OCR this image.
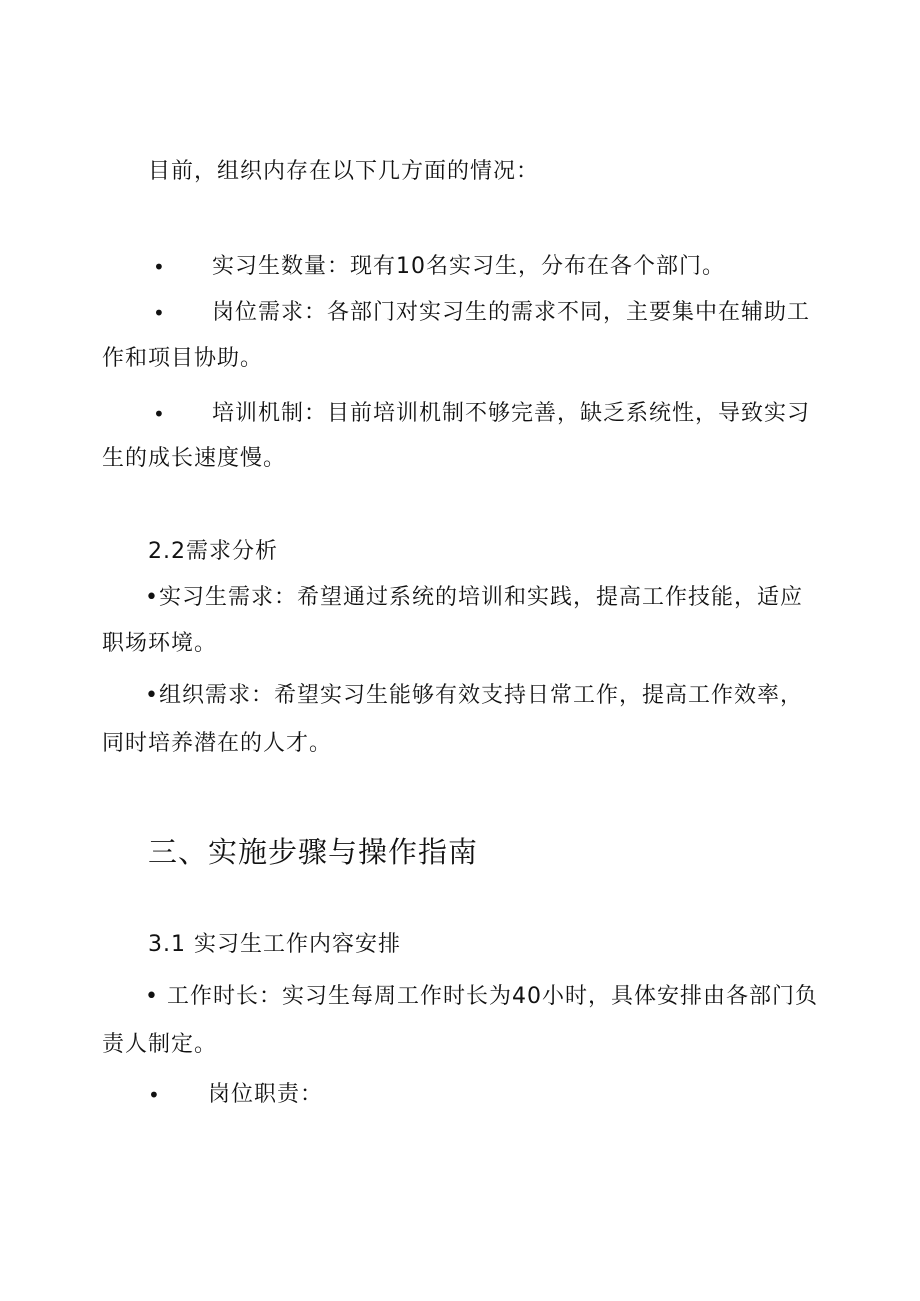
目前，组织内存在以下几方面的情况：
• 实习生数量：现有10名实习生，分布在各个部门。
• 岗位需求：各部门对实习生的需求不同，主要集中在辅助工
作和项目协助。
• 培训机制：目前培训机制不够完善，缺乏系统性，导致实习
生的成长速度慢。
2.2需求分析
•实习生需求：希望通过系统的培训和实践，提高工作技能，适应
职场环境。
•组织需求：希望实习生能够有效支持日常工作，提高工作效率，
同时培养潜在的人才。
三、实施步骤与操作指南
3.1 实习生工作内容安排
• 工作时长：实习生每周工作时长为40小时，具体安排由各部门负
责人制定。
• 岗位职责：
